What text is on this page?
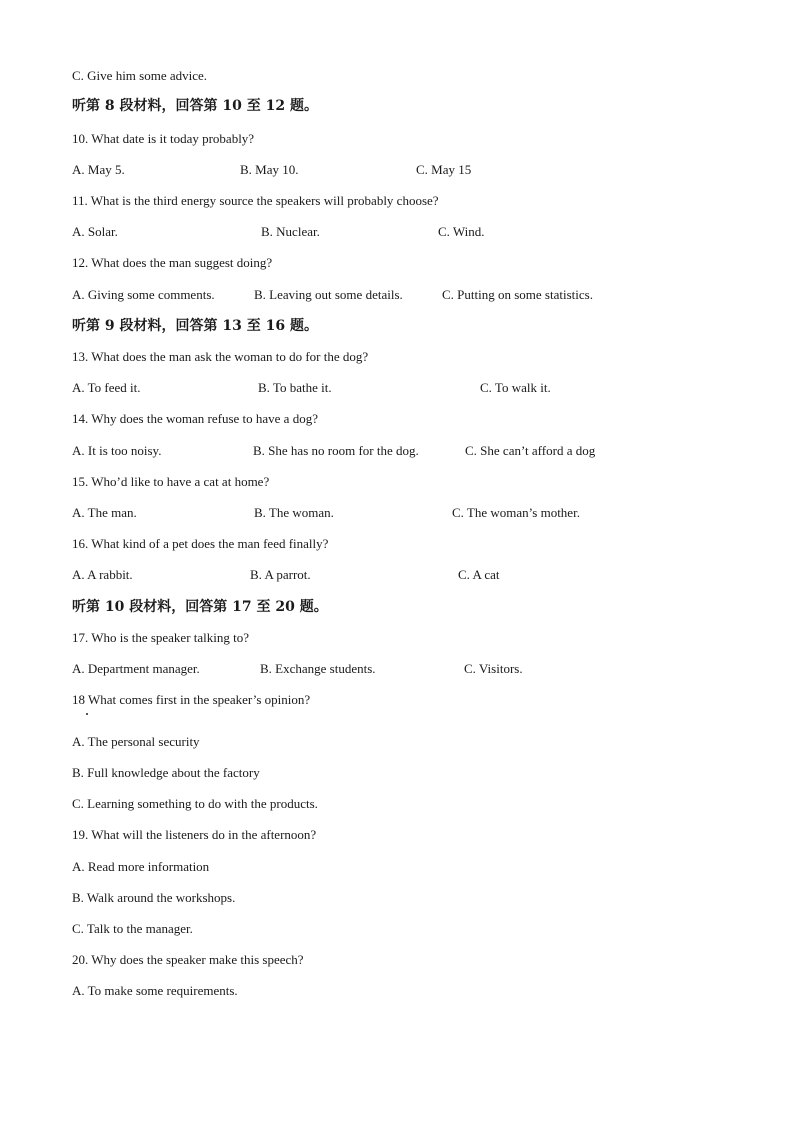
C. Give him some advice.
听第 8 段材料，回答第 10 至 12 题。
10. What date is it today probably?
A. May 5.	B. May 10.	C. May 15
11. What is the third energy source the speakers will probably choose?
A. Solar.	B. Nuclear.	C. Wind.
12. What does the man suggest doing?
A. Giving some comments.	B. Leaving out some details.	C. Putting on some statistics.
听第 9 段材料，回答第 13 至 16 题。
13. What does the man ask the woman to do for the dog?
A. To feed it.	B. To bathe it.	C. To walk it.
14. Why does the woman refuse to have a dog?
A. It is too noisy.	B. She has no room for the dog.	C. She can’t afford a dog
15. Who’d like to have a cat at home?
A. The man.	B. The woman.	C. The woman’s mother.
16. What kind of a pet does the man feed finally?
A. A rabbit.	B. A parrot.	C. A cat
听第 10 段材料，回答第 17 至 20 题。
17. Who is the speaker talking to?
A. Department manager.	B. Exchange students.	C. Visitors.
18 What comes first in the speaker’s opinion?
A. The personal security
B. Full knowledge about the factory
C. Learning something to do with the products.
19. What will the listeners do in the afternoon?
A. Read more information
B. Walk around the workshops.
C. Talk to the manager.
20. Why does the speaker make this speech?
A. To make some requirements.
